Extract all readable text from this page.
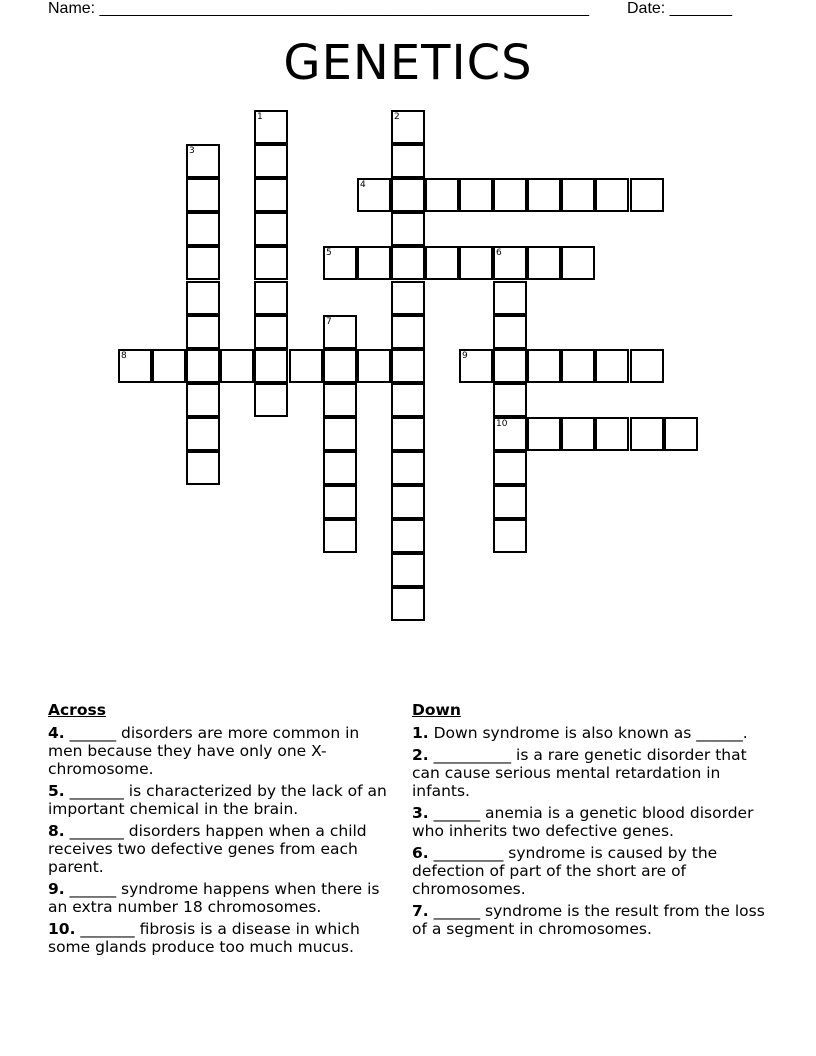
Name: _______________________________________________________

Date: _______

GENETICS
1	2
3
4
5	6
10
7
8	9
Across
4. ______ disorders are more common in men because they have only one X-chromosome.
5. _______ is characterized by the lack of an important chemical in the brain.
8. _______ disorders happen when a child receives two defective genes from each parent.
9. ______ syndrome happens when there is an extra number 18 chromosomes.
10. _______ fibrosis is a disease in which some glands produce too much mucus.
Down
1. Down syndrome is also known as ______.
2. __________ is a rare genetic disorder that can cause serious mental retardation in infants.
3. ______ anemia is a genetic blood disorder who inherits two defective genes.
6. _________ syndrome is caused by the defection of part of the short are of chromosomes.
7. ______ syndrome is the result from the loss of a segment in chromosomes.
